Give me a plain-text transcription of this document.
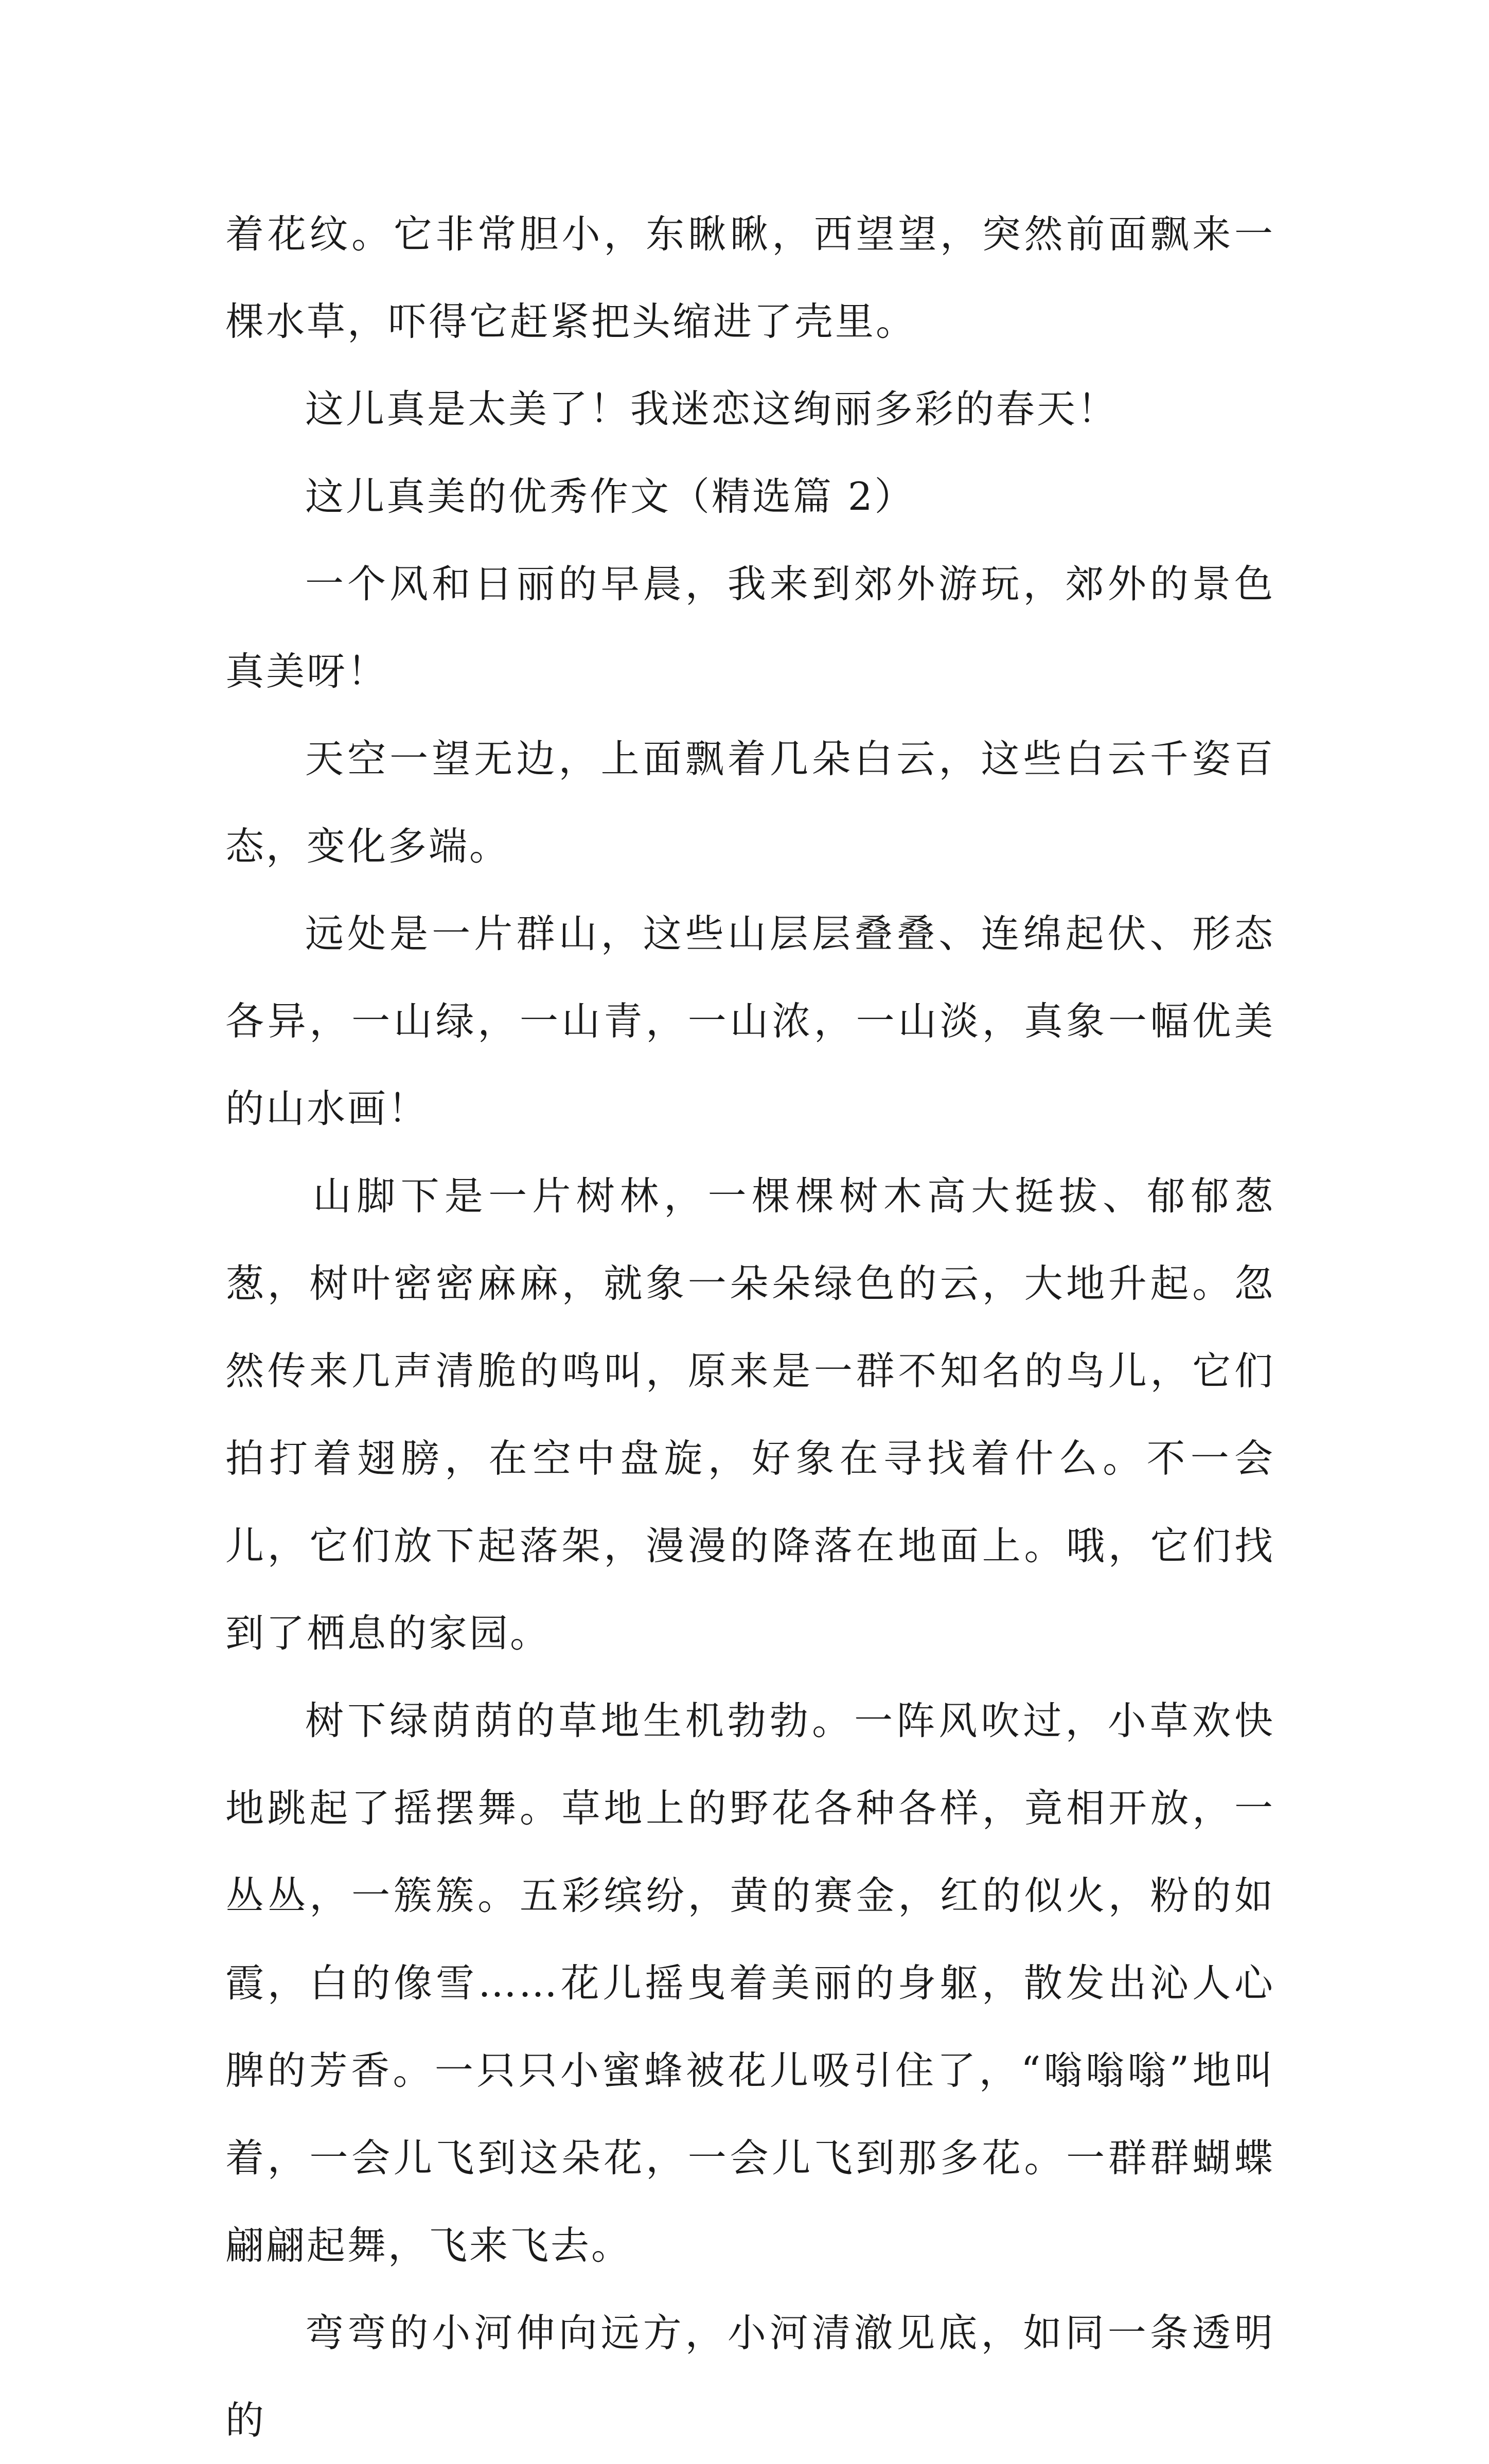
着花纹。它非常胆小，东瞅瞅，西望望，突然前面飘来一棵水草，吓得它赶紧把头缩进了壳里。

这儿真是太美了！我迷恋这绚丽多彩的春天！

这儿真美的优秀作文（精选篇 2）

一个风和日丽的早晨，我来到郊外游玩，郊外的景色真美呀！

天空一望无边，上面飘着几朵白云，这些白云千姿百态，变化多端。

远处是一片群山，这些山层层叠叠、连绵起伏、形态各异，一山绿，一山青，一山浓，一山淡，真象一幅优美的山水画！

山脚下是一片树林，一棵棵树木高大挺拔、郁郁葱葱，树叶密密麻麻，就象一朵朵绿色的云，大地升起。忽然传来几声清脆的鸣叫，原来是一群不知名的鸟儿，它们拍打着翅膀，在空中盘旋，好象在寻找着什么。不一会儿，它们放下起落架，漫漫的降落在地面上。哦，它们找到了栖息的家园。

树下绿荫荫的草地生机勃勃。一阵风吹过，小草欢快地跳起了摇摆舞。草地上的野花各种各样，竟相开放，一丛丛，一簇簇。五彩缤纷，黄的赛金，红的似火，粉的如霞，白的像雪……花儿摇曳着美丽的身躯，散发出沁人心脾的芳香。一只只小蜜蜂被花儿吸引住了，“嗡嗡嗡”地叫着，一会儿飞到这朵花，一会儿飞到那多花。一群群蝴蝶翩翩起舞，飞来飞去。

弯弯的小河伸向远方，小河清澈见底，如同一条透明的
